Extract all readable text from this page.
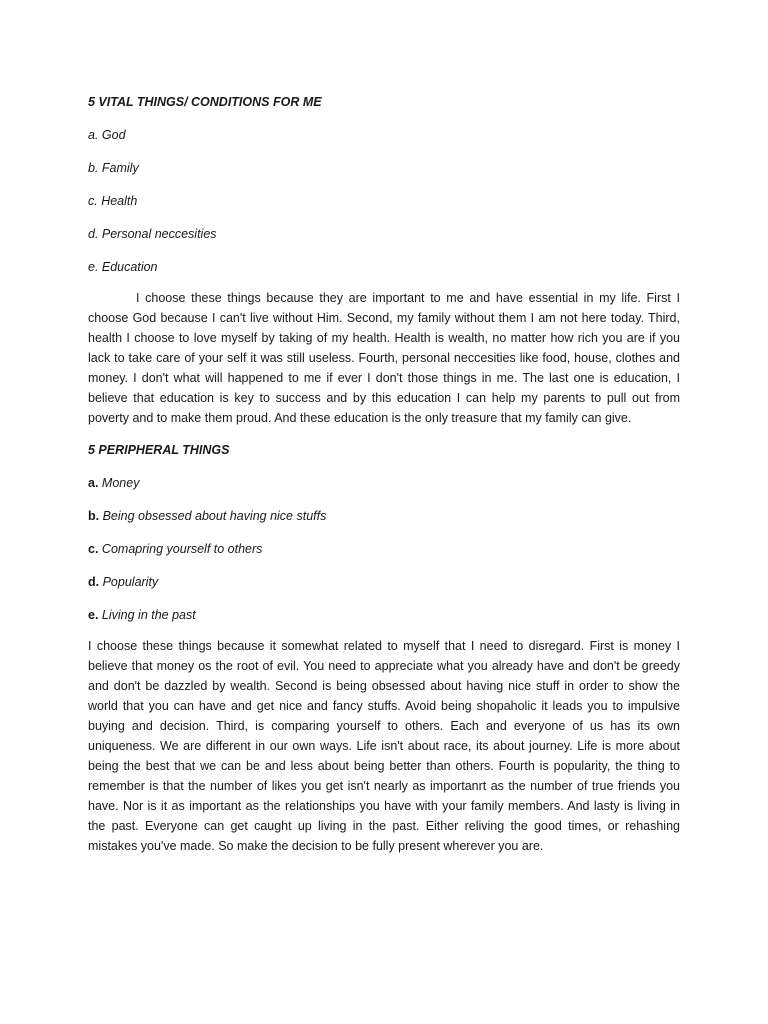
5 VITAL THINGS/ CONDITIONS FOR ME
a. God
b. Family
c. Health
d. Personal neccesities
e. Education
I choose these things because they are important to me and have essential in my life. First I choose God because I can't live without Him. Second, my family without them I am not here today. Third, health I choose to love myself by taking of my health. Health is wealth, no matter how rich you are if you lack to take care of your self it was still useless. Fourth, personal neccesities like food, house, clothes and money. I don't what will happened to me if ever I don't those things in me. The last one is education, I believe that education is key to success and by this education I can help my parents to pull out from poverty and to make them proud. And these education is the only treasure that my family can give.
5 PERIPHERAL THINGS
a. Money
b. Being obsessed about having nice stuffs
c. Comapring yourself to others
d. Popularity
e. Living in the past
I choose these things because it somewhat related to myself that I need to disregard. First is money I believe that money os the root of evil. You need to appreciate what you already have and don't be greedy and don't be dazzled by wealth. Second is being obsessed about having nice stuff in order to show the world that you can have and get nice and fancy stuffs. Avoid being shopaholic it leads you to impulsive buying and decision. Third, is comparing yourself to others. Each and everyone of us has its own uniqueness. We are different in our own ways. Life isn't about race, its about journey. Life is more about being the best that we can be and less about being better than others. Fourth is popularity, the thing to remember is that the number of likes you get isn't nearly as importanrt as the number of true friends you have. Nor is it as important as the relationships you have with your family members. And lasty is living in the past. Everyone can get caught up living in the past. Either reliving the good times, or rehashing mistakes you've made. So make the decision to be fully present wherever you are.
